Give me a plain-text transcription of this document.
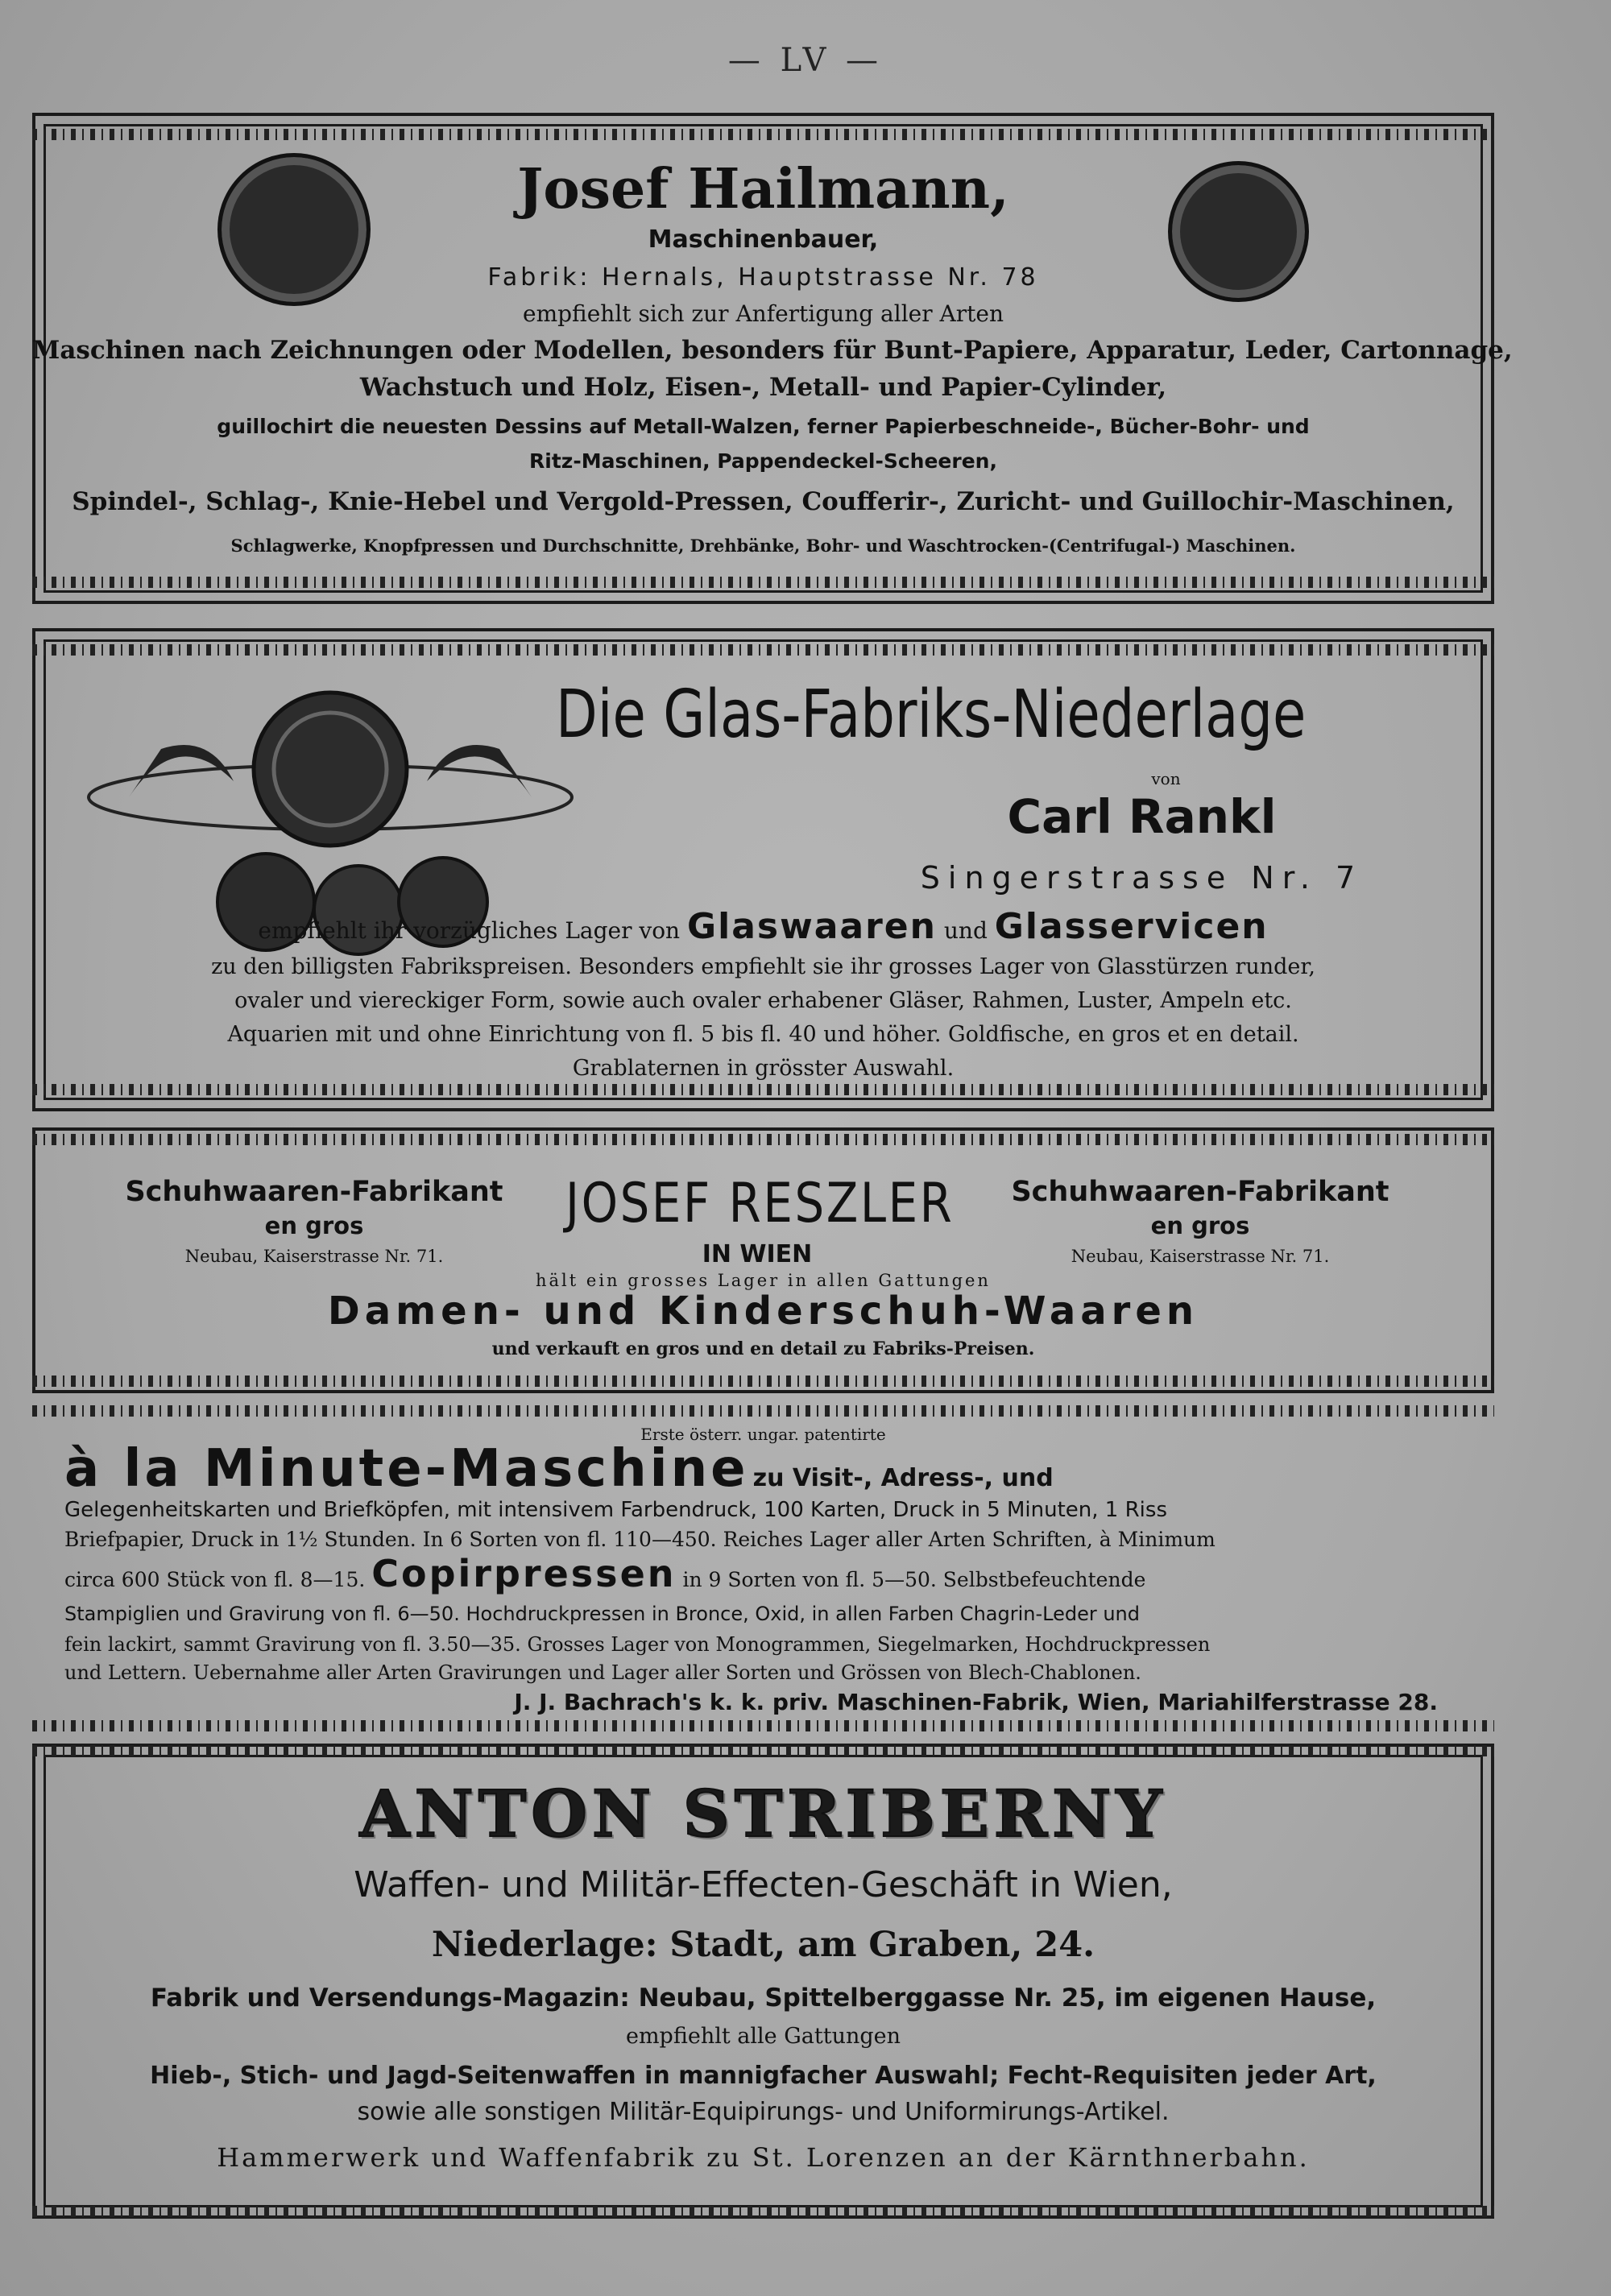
— LV —
Josef Hailmann,
Maschinenbauer,
Fabrik: Hernals, Hauptstrasse Nr. 78
empfiehlt sich zur Anfertigung aller Arten
Maschinen nach Zeichnungen oder Modellen, besonders für Bunt-Papiere, Apparatur, Leder, Cartonnage,
Wachstuch und Holz, Eisen-, Metall- und Papier-Cylinder,
guillochirt die neuesten Dessins auf Metall-Walzen, ferner Papierbeschneide-, Bücher-Bohr- und
Ritz-Maschinen, Pappendeckel-Scheeren,
Spindel-, Schlag-, Knie-Hebel und Vergold-Pressen, Coufferir-, Zuricht- und Guillochir-Maschinen,
Schlagwerke, Knopfpressen und Durchschnitte, Drehbänke, Bohr- und Waschtrocken-(Centrifugal-) Maschinen.
Die Glas-Fabriks-Niederlage
von
Carl Rankl
Singerstrasse Nr. 7
empfiehlt ihr vorzügliches Lager von Glaswaaren und Glasservicen
zu den billigsten Fabrikspreisen. Besonders empfiehlt sie ihr grosses Lager von Glasstürzen runder,
ovaler und viereckiger Form, sowie auch ovaler erhabener Gläser, Rahmen, Luster, Ampeln etc.
Aquarien mit und ohne Einrichtung von fl. 5 bis fl. 40 und höher. Goldfische, en gros et en detail.
Grablaternen in grösster Auswahl.
Schuhwaaren-Fabrikant
en gros
Neubau, Kaiserstrasse Nr. 71.
JOSEF RESZLER
IN WIEN
Schuhwaaren-Fabrikant
en gros
Neubau, Kaiserstrasse Nr. 71.
hält ein grosses Lager in allen Gattungen
Damen- und Kinderschuh-Waaren
und verkauft en gros und en detail zu Fabriks-Preisen.
Erste österr. ungar. patentirte
à la Minute-Maschine zu Visit-, Adress-, und
Gelegenheitskarten und Briefköpfen, mit intensivem Farbendruck, 100 Karten, Druck in 5 Minuten, 1 Riss
Briefpapier, Druck in 1½ Stunden. In 6 Sorten von fl. 110—450. Reiches Lager aller Arten Schriften, à Minimum
circa 600 Stück von fl. 8—15. Copirpressen in 9 Sorten von fl. 5—50. Selbstbefeuchtende
Stampiglien und Gravirung von fl. 6—50. Hochdruckpressen in Bronce, Oxid, in allen Farben Chagrin-Leder und
fein lackirt, sammt Gravirung von fl. 3.50—35. Grosses Lager von Monogrammen, Siegelmarken, Hochdruckpressen
und Lettern. Uebernahme aller Arten Gravirungen und Lager aller Sorten und Grössen von Blech-Chablonen.
J. J. Bachrach's k. k. priv. Maschinen-Fabrik, Wien, Mariahilferstrasse 28.
ANTON STRIBERNY
Waffen- und Militär-Effecten-Geschäft in Wien,
Niederlage: Stadt, am Graben, 24.
Fabrik und Versendungs-Magazin: Neubau, Spittelberggasse Nr. 25, im eigenen Hause,
empfiehlt alle Gattungen
Hieb-, Stich- und Jagd-Seitenwaffen in mannigfacher Auswahl; Fecht-Requisiten jeder Art,
sowie alle sonstigen Militär-Equipirungs- und Uniformirungs-Artikel.
Hammerwerk und Waffenfabrik zu St. Lorenzen an der Kärnthnerbahn.
